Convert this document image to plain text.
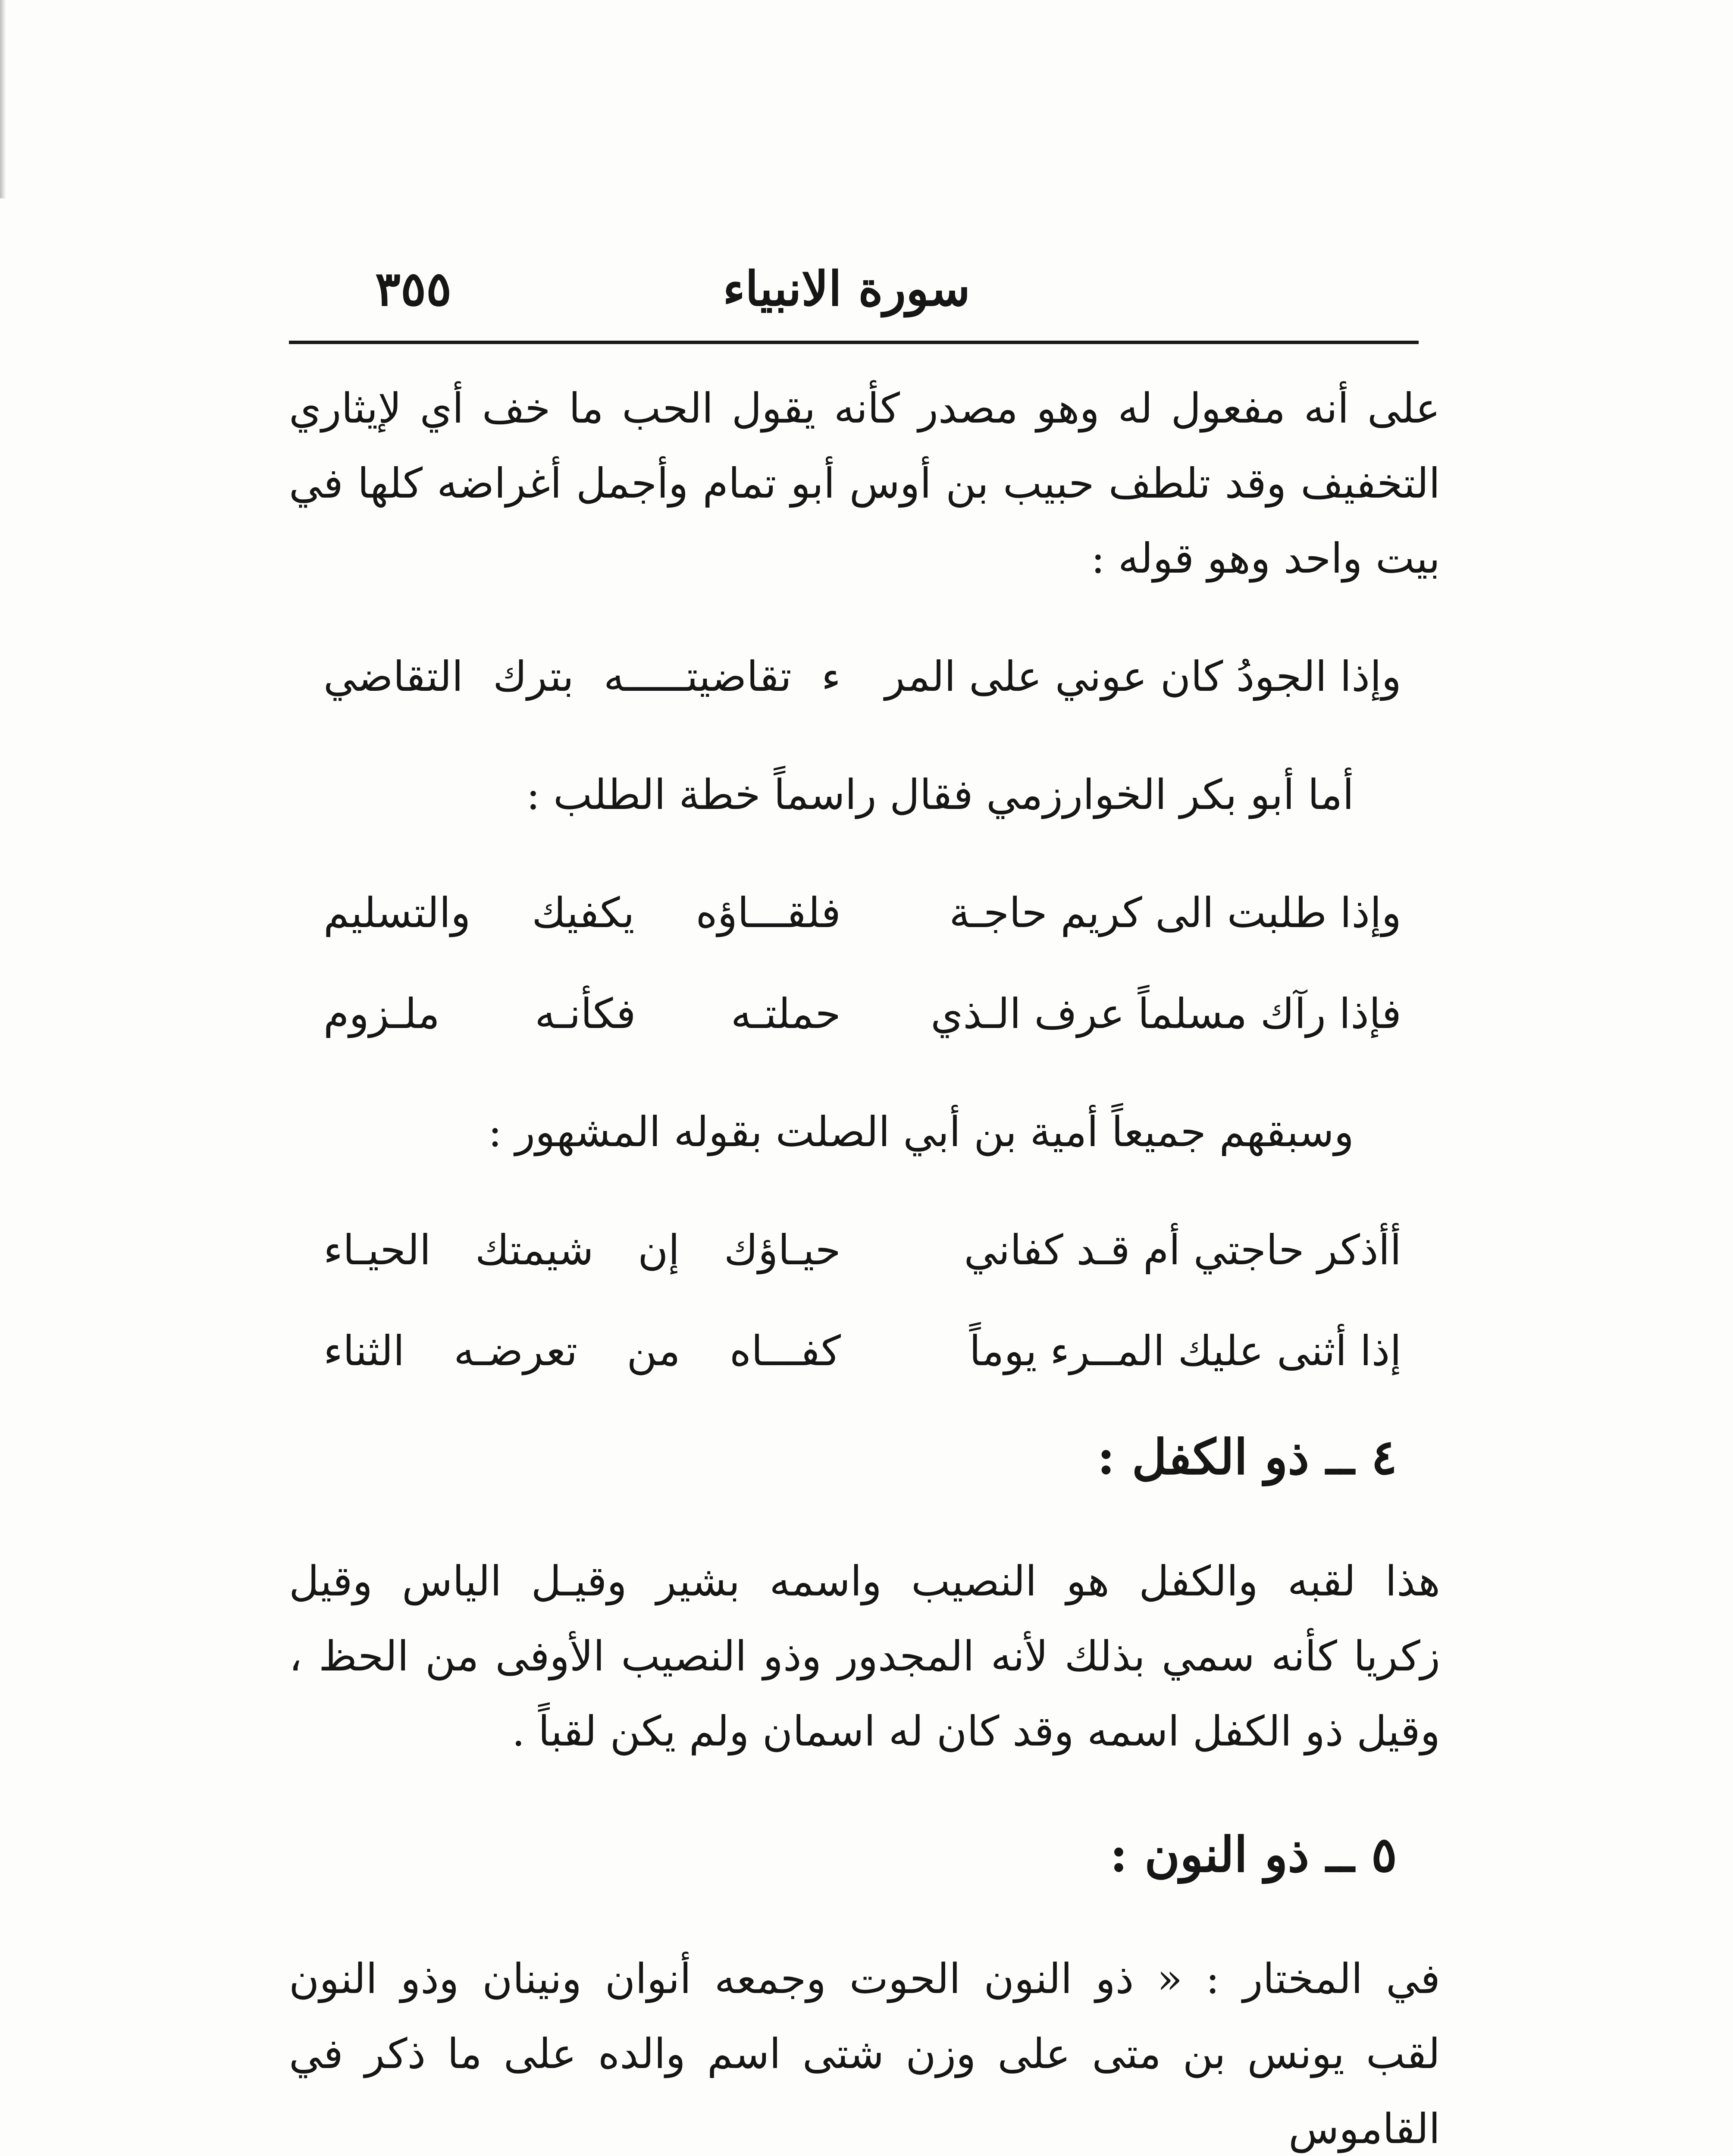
سورة الانبياء
٣٥٥
على أنه مفعول له وهو مصدر كأنه يقول الحب ما خف أي لإيثاري
التخفيف وقد تلطف حبيب بن أوس أبو تمام وأجمل أغراضه كلها في
بيت واحد وهو قوله :
وإذا الجودُ كان عوني على المر
ء تقاضيتـــــه بترك التقاضي

أما أبو بكر الخوارزمي فقال راسماً خطة الطلب :

وإذا طلبت الى كريم حاجـة
فلقـــاؤه يكفيك والتسليم
فإذا رآك مسلماً عرف الـذي
حملتـه فكأنـه ملـزوم

وسبقهم جميعاً أمية بن أبي الصلت بقوله المشهور :

أأذكر حاجتي أم قـد كفاني
حيـاؤك إن شيمتك الحيـاء
إذا أثنى عليك المــرء يوماً
كفـــاه من تعرضـه الثناء
٤ ــ ذو الكفل :
هذا لقبه والكفل هو النصيب واسمه بشير وقيـل الياس وقيل
زكريا كأنه سمي بذلك لأنه المجدور وذو النصيب الأوفى من الحظ ،
وقيل ذو الكفل اسمه وقد كان له اسمان ولم يكن لقباً .
٥ ــ ذو النون :
في المختار : « ذو النون الحوت وجمعه أنوان ونينان وذو النون
لقب يونس بن متى على وزن شتى اسم والده على ما ذكر في القاموس
